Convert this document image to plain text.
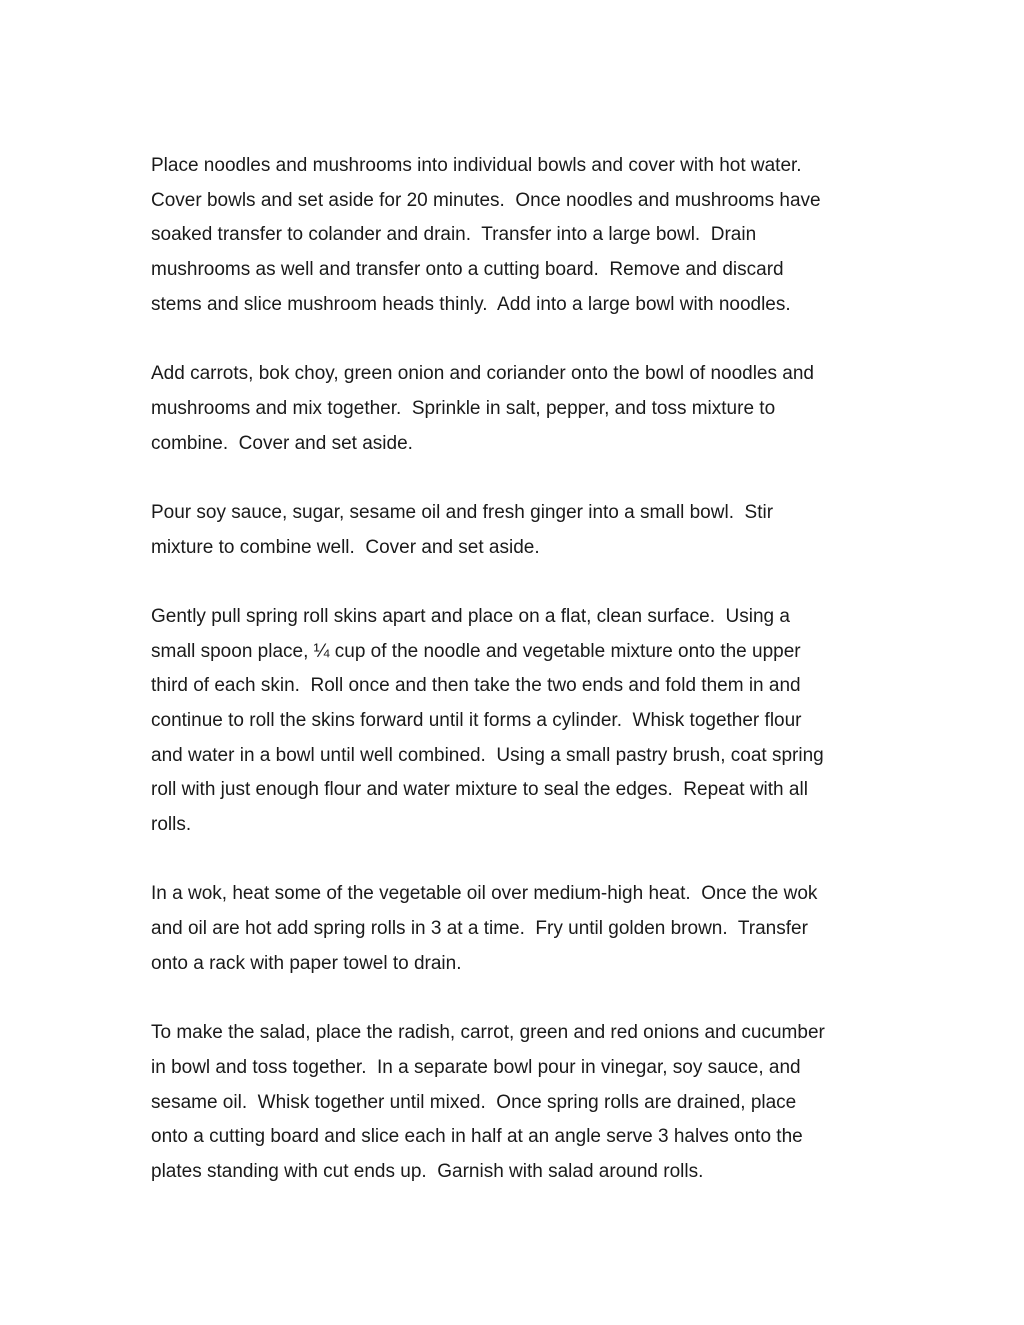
Place noodles and mushrooms into individual bowls and cover with hot water.
Cover bowls and set aside for 20 minutes.  Once noodles and mushrooms have
soaked transfer to colander and drain.  Transfer into a large bowl.  Drain
mushrooms as well and transfer onto a cutting board.  Remove and discard
stems and slice mushroom heads thinly.  Add into a large bowl with noodles.
Add carrots, bok choy, green onion and coriander onto the bowl of noodles and
mushrooms and mix together.  Sprinkle in salt, pepper, and toss mixture to
combine.  Cover and set aside.
Pour soy sauce, sugar, sesame oil and fresh ginger into a small bowl.  Stir
mixture to combine well.  Cover and set aside.
Gently pull spring roll skins apart and place on a flat, clean surface.  Using a
small spoon place, ¼ cup of the noodle and vegetable mixture onto the upper
third of each skin.  Roll once and then take the two ends and fold them in and
continue to roll the skins forward until it forms a cylinder.  Whisk together flour
and water in a bowl until well combined.  Using a small pastry brush, coat spring
roll with just enough flour and water mixture to seal the edges.  Repeat with all
rolls.
In a wok, heat some of the vegetable oil over medium-high heat.  Once the wok
and oil are hot add spring rolls in 3 at a time.  Fry until golden brown.  Transfer
onto a rack with paper towel to drain.
To make the salad, place the radish, carrot, green and red onions and cucumber
in bowl and toss together.  In a separate bowl pour in vinegar, soy sauce, and
sesame oil.  Whisk together until mixed.  Once spring rolls are drained, place
onto a cutting board and slice each in half at an angle serve 3 halves onto the
plates standing with cut ends up.  Garnish with salad around rolls.
